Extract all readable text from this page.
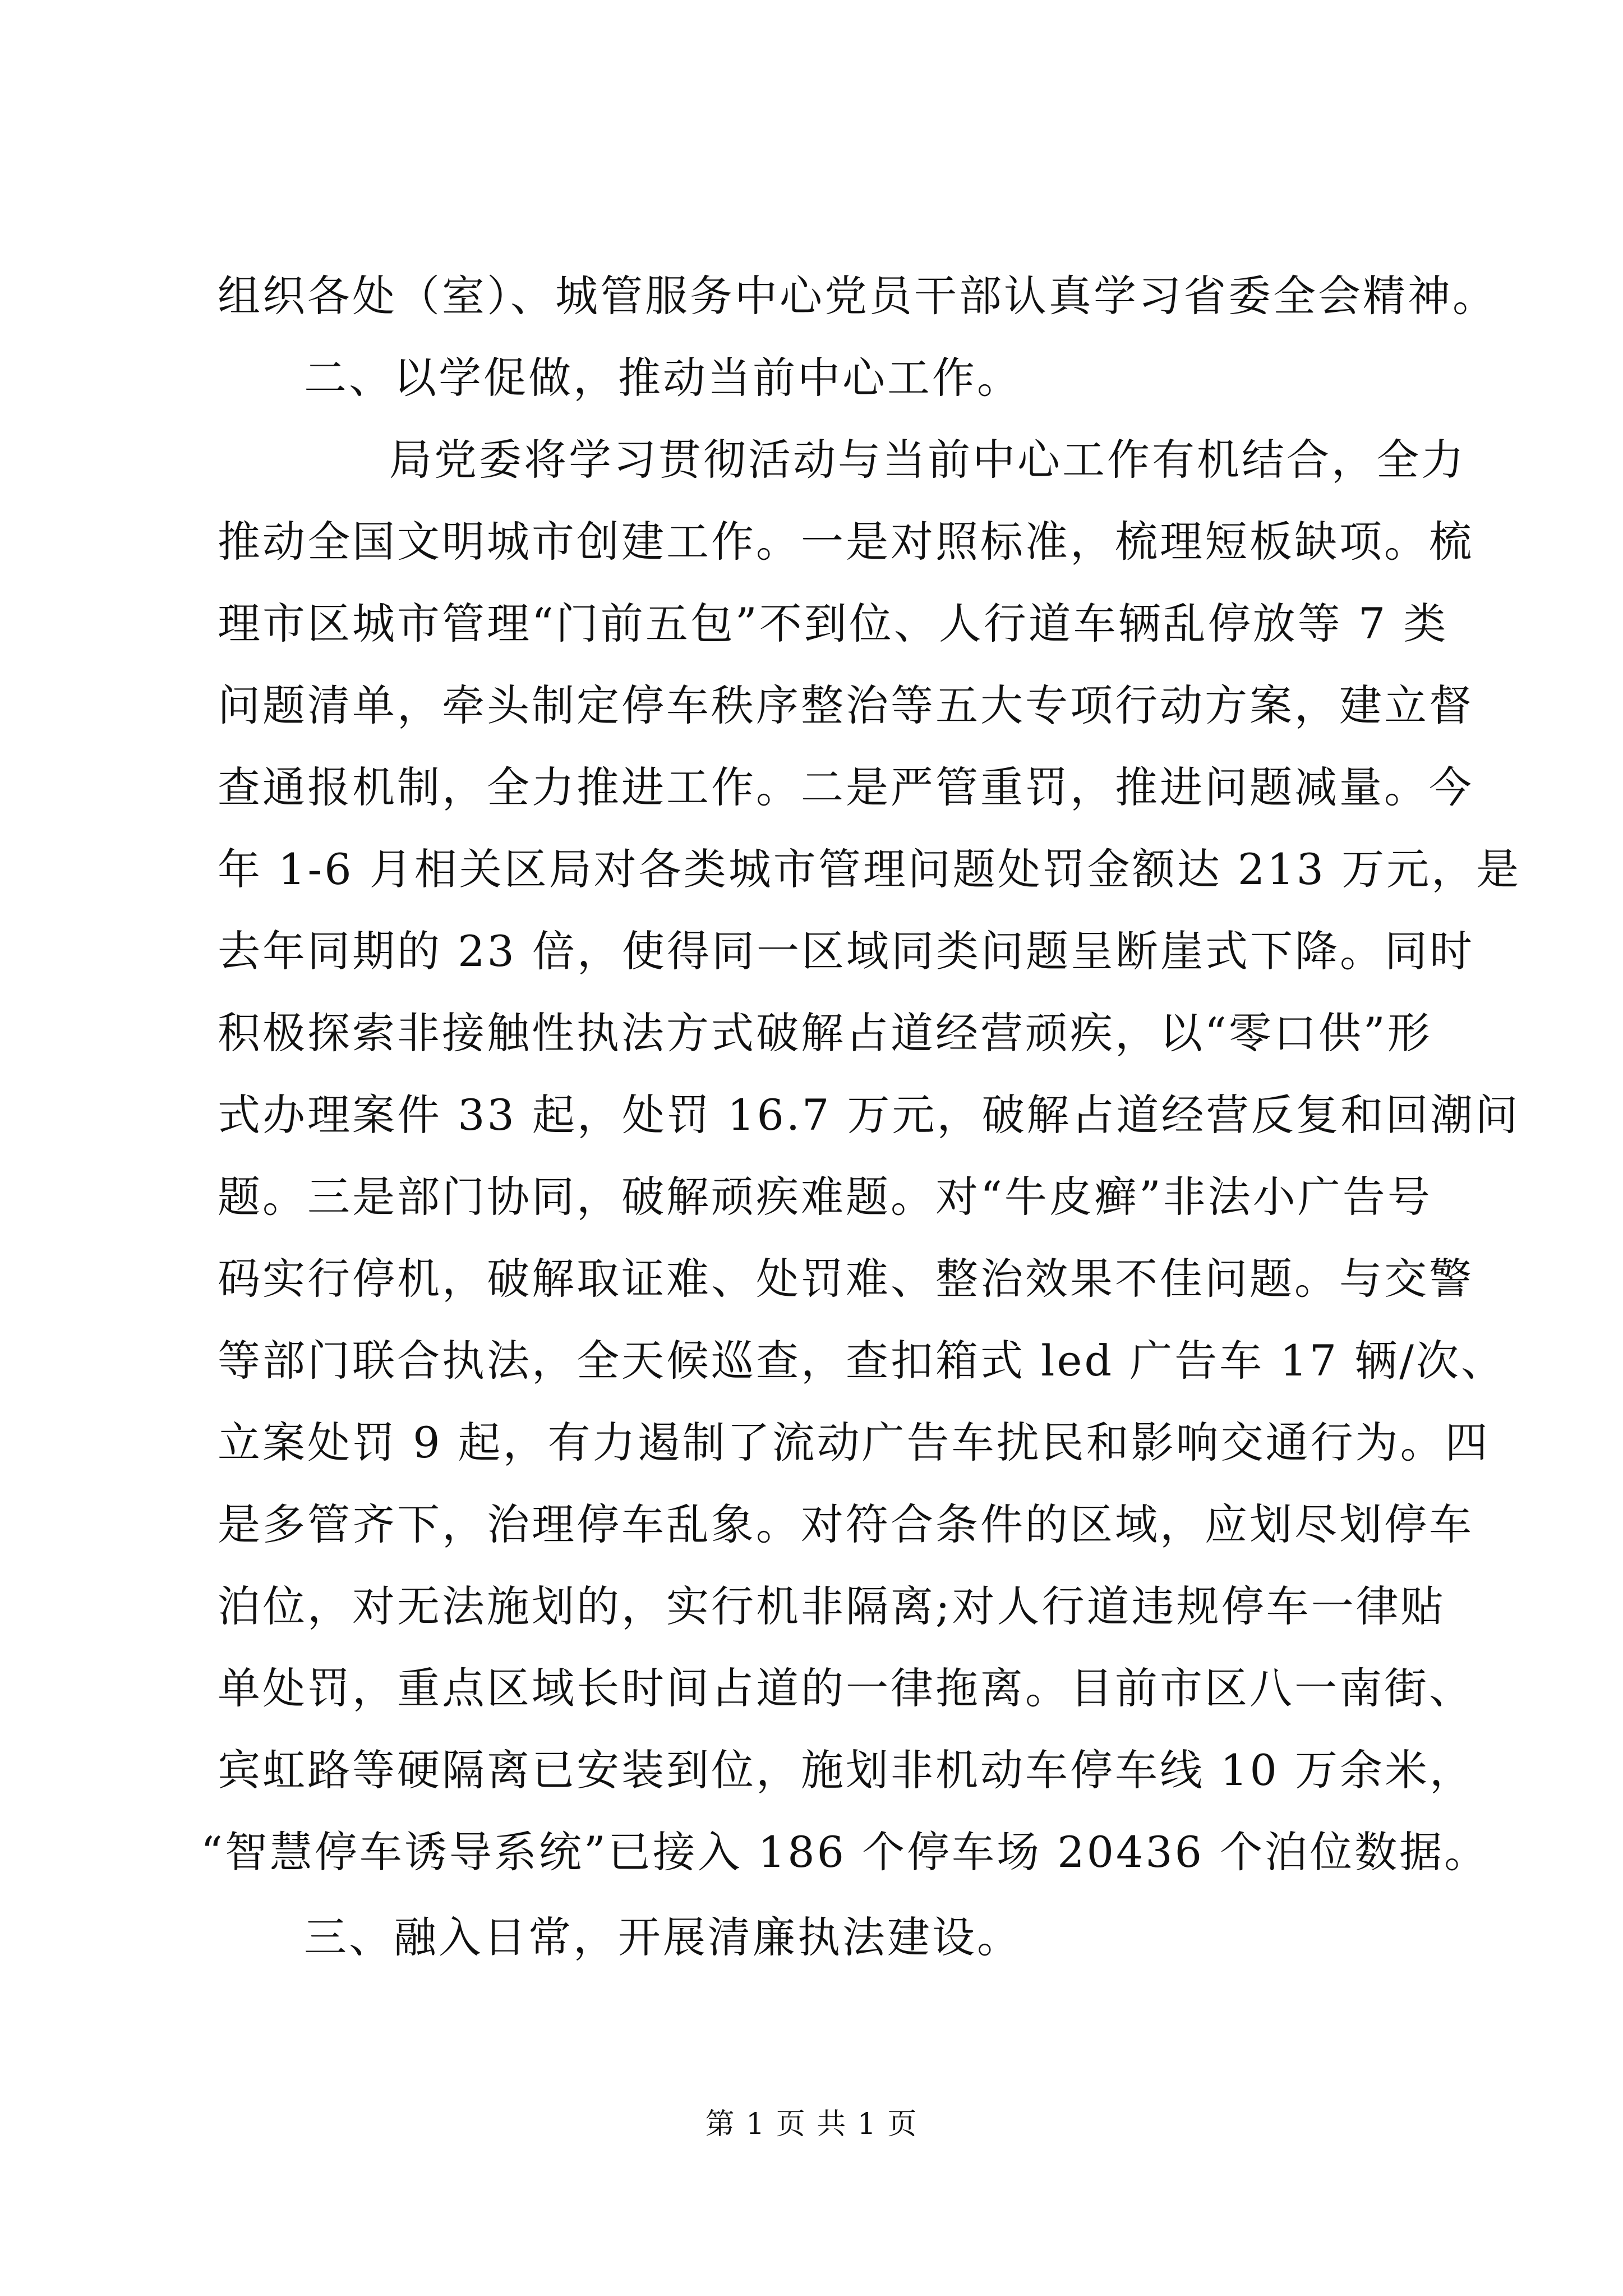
组织各处（室）、城管服务中心党员干部认真学习省委全会精神。
二、以学促做，推动当前中心工作。
局党委将学习贯彻活动与当前中心工作有机结合，全力
推动全国文明城市创建工作。一是对照标准，梳理短板缺项。梳
理市区城市管理“门前五包”不到位、人行道车辆乱停放等 7 类
问题清单，牵头制定停车秩序整治等五大专项行动方案，建立督
查通报机制，全力推进工作。二是严管重罚，推进问题减量。今
年 1-6 月相关区局对各类城市管理问题处罚金额达 213 万元，是
去年同期的 23 倍，使得同一区域同类问题呈断崖式下降。同时
积极探索非接触性执法方式破解占道经营顽疾，以“零口供”形
式办理案件 33 起，处罚 16.7 万元，破解占道经营反复和回潮问
题。三是部门协同，破解顽疾难题。对“牛皮癣”非法小广告号
码实行停机，破解取证难、处罚难、整治效果不佳问题。与交警
等部门联合执法，全天候巡查，查扣箱式 led 广告车 17 辆/次、
立案处罚 9 起，有力遏制了流动广告车扰民和影响交通行为。四
是多管齐下，治理停车乱象。对符合条件的区域，应划尽划停车
泊位，对无法施划的，实行机非隔离;对人行道违规停车一律贴
单处罚，重点区域长时间占道的一律拖离。目前市区八一南街、
宾虹路等硬隔离已安装到位，施划非机动车停车线 10 万余米，
“智慧停车诱导系统”已接入 186 个停车场 20436 个泊位数据。
三、融入日常，开展清廉执法建设。
第 1 页 共 1 页
